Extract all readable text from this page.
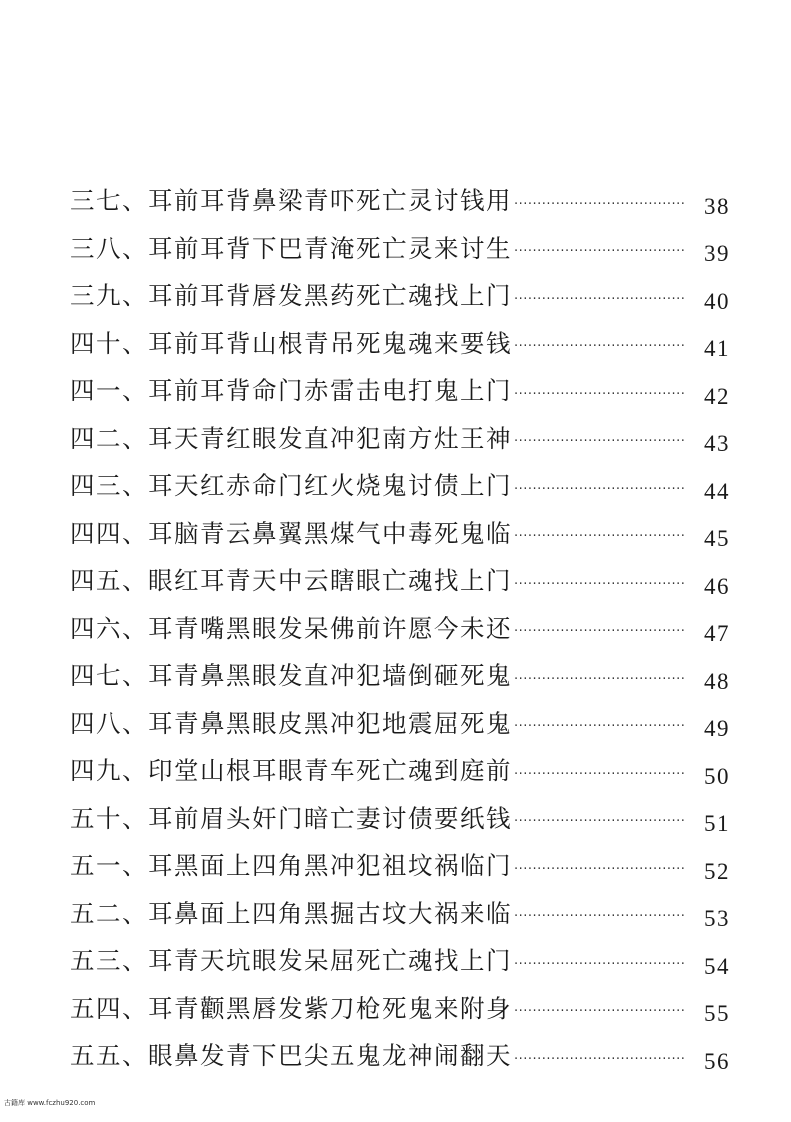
三七、耳前耳背鼻梁青吓死亡灵讨钱用 ·····	38
三八、耳前耳背下巴青淹死亡灵来讨生 ·····	39
三九、耳前耳背唇发黑药死亡魂找上门 ·····	40
四十、耳前耳背山根青吊死鬼魂来要钱 ·····	41
四一、耳前耳背命门赤雷击电打鬼上门 ·····	42
四二、耳天青红眼发直冲犯南方灶王神 ·····	43
四三、耳天红赤命门红火烧鬼讨债上门 ·····	44
四四、耳脑青云鼻翼黑煤气中毒死鬼临 ·····	45
四五、眼红耳青天中云瞎眼亡魂找上门 ·····	46
四六、耳青嘴黑眼发呆佛前许愿今未还 ·····	47
四七、耳青鼻黑眼发直冲犯墙倒砸死鬼 ·····	48
四八、耳青鼻黑眼皮黑冲犯地震屈死鬼 ·····	49
四九、印堂山根耳眼青车死亡魂到庭前 ·····	50
五十、耳前眉头奸门暗亡妻讨债要纸钱 ·····	51
五一、耳黑面上四角黑冲犯祖坟祸临门 ·····	52
五二、耳鼻面上四角黑掘古坟大祸来临 ·····	53
五三、耳青天坑眼发呆屈死亡魂找上门 ·····	54
五四、耳青颧黑唇发紫刀枪死鬼来附身 ·····	55
五五、眼鼻发青下巴尖五鬼龙神闹翻天 ·····	56
古籍库 www.fczhu920.com
